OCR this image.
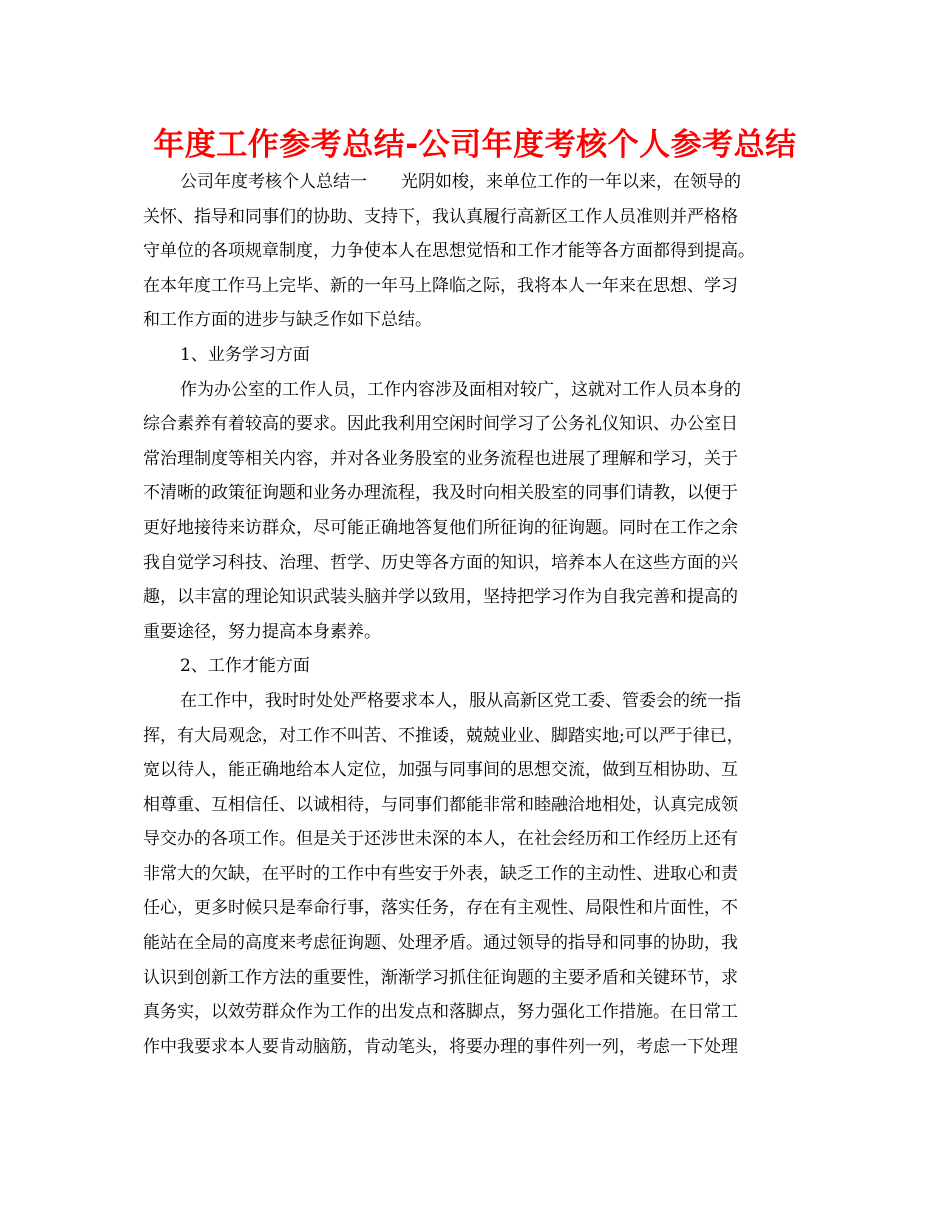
年度工作参考总结-公司年度考核个人参考总结
公司年度考核个人总结一　　光阴如梭，来单位工作的一年以来，在领导的
关怀、指导和同事们的协助、支持下，我认真履行高新区工作人员准则并严格格
守单位的各项规章制度，力争使本人在思想觉悟和工作才能等各方面都得到提高。
在本年度工作马上完毕、新的一年马上降临之际，我将本人一年来在思想、学习
和工作方面的进步与缺乏作如下总结。
1、业务学习方面
作为办公室的工作人员，工作内容涉及面相对较广，这就对工作人员本身的
综合素养有着较高的要求。因此我利用空闲时间学习了公务礼仪知识、办公室日
常治理制度等相关内容，并对各业务股室的业务流程也进展了理解和学习，关于
不清晰的政策征询题和业务办理流程，我及时向相关股室的同事们请教，以便于
更好地接待来访群众，尽可能正确地答复他们所征询的征询题。同时在工作之余
我自觉学习科技、治理、哲学、历史等各方面的知识，培养本人在这些方面的兴
趣，以丰富的理论知识武装头脑并学以致用，坚持把学习作为自我完善和提高的
重要途径，努力提高本身素养。
2、工作才能方面
在工作中，我时时处处严格要求本人，服从高新区党工委、管委会的统一指
挥，有大局观念，对工作不叫苦、不推诿，兢兢业业、脚踏实地;可以严于律已，
宽以待人，能正确地给本人定位，加强与同事间的思想交流，做到互相协助、互
相尊重、互相信任、以诚相待，与同事们都能非常和睦融洽地相处，认真完成领
导交办的各项工作。但是关于还涉世未深的本人，在社会经历和工作经历上还有
非常大的欠缺，在平时的工作中有些安于外表，缺乏工作的主动性、进取心和责
任心，更多时候只是奉命行事，落实任务，存在有主观性、局限性和片面性，不
能站在全局的高度来考虑征询题、处理矛盾。通过领导的指导和同事的协助，我
认识到创新工作方法的重要性，渐渐学习抓住征询题的主要矛盾和关键环节，求
真务实，以效劳群众作为工作的出发点和落脚点，努力强化工作措施。在日常工
作中我要求本人要肯动脑筋，肯动笔头，将要办理的事件列一列，考虑一下处理
